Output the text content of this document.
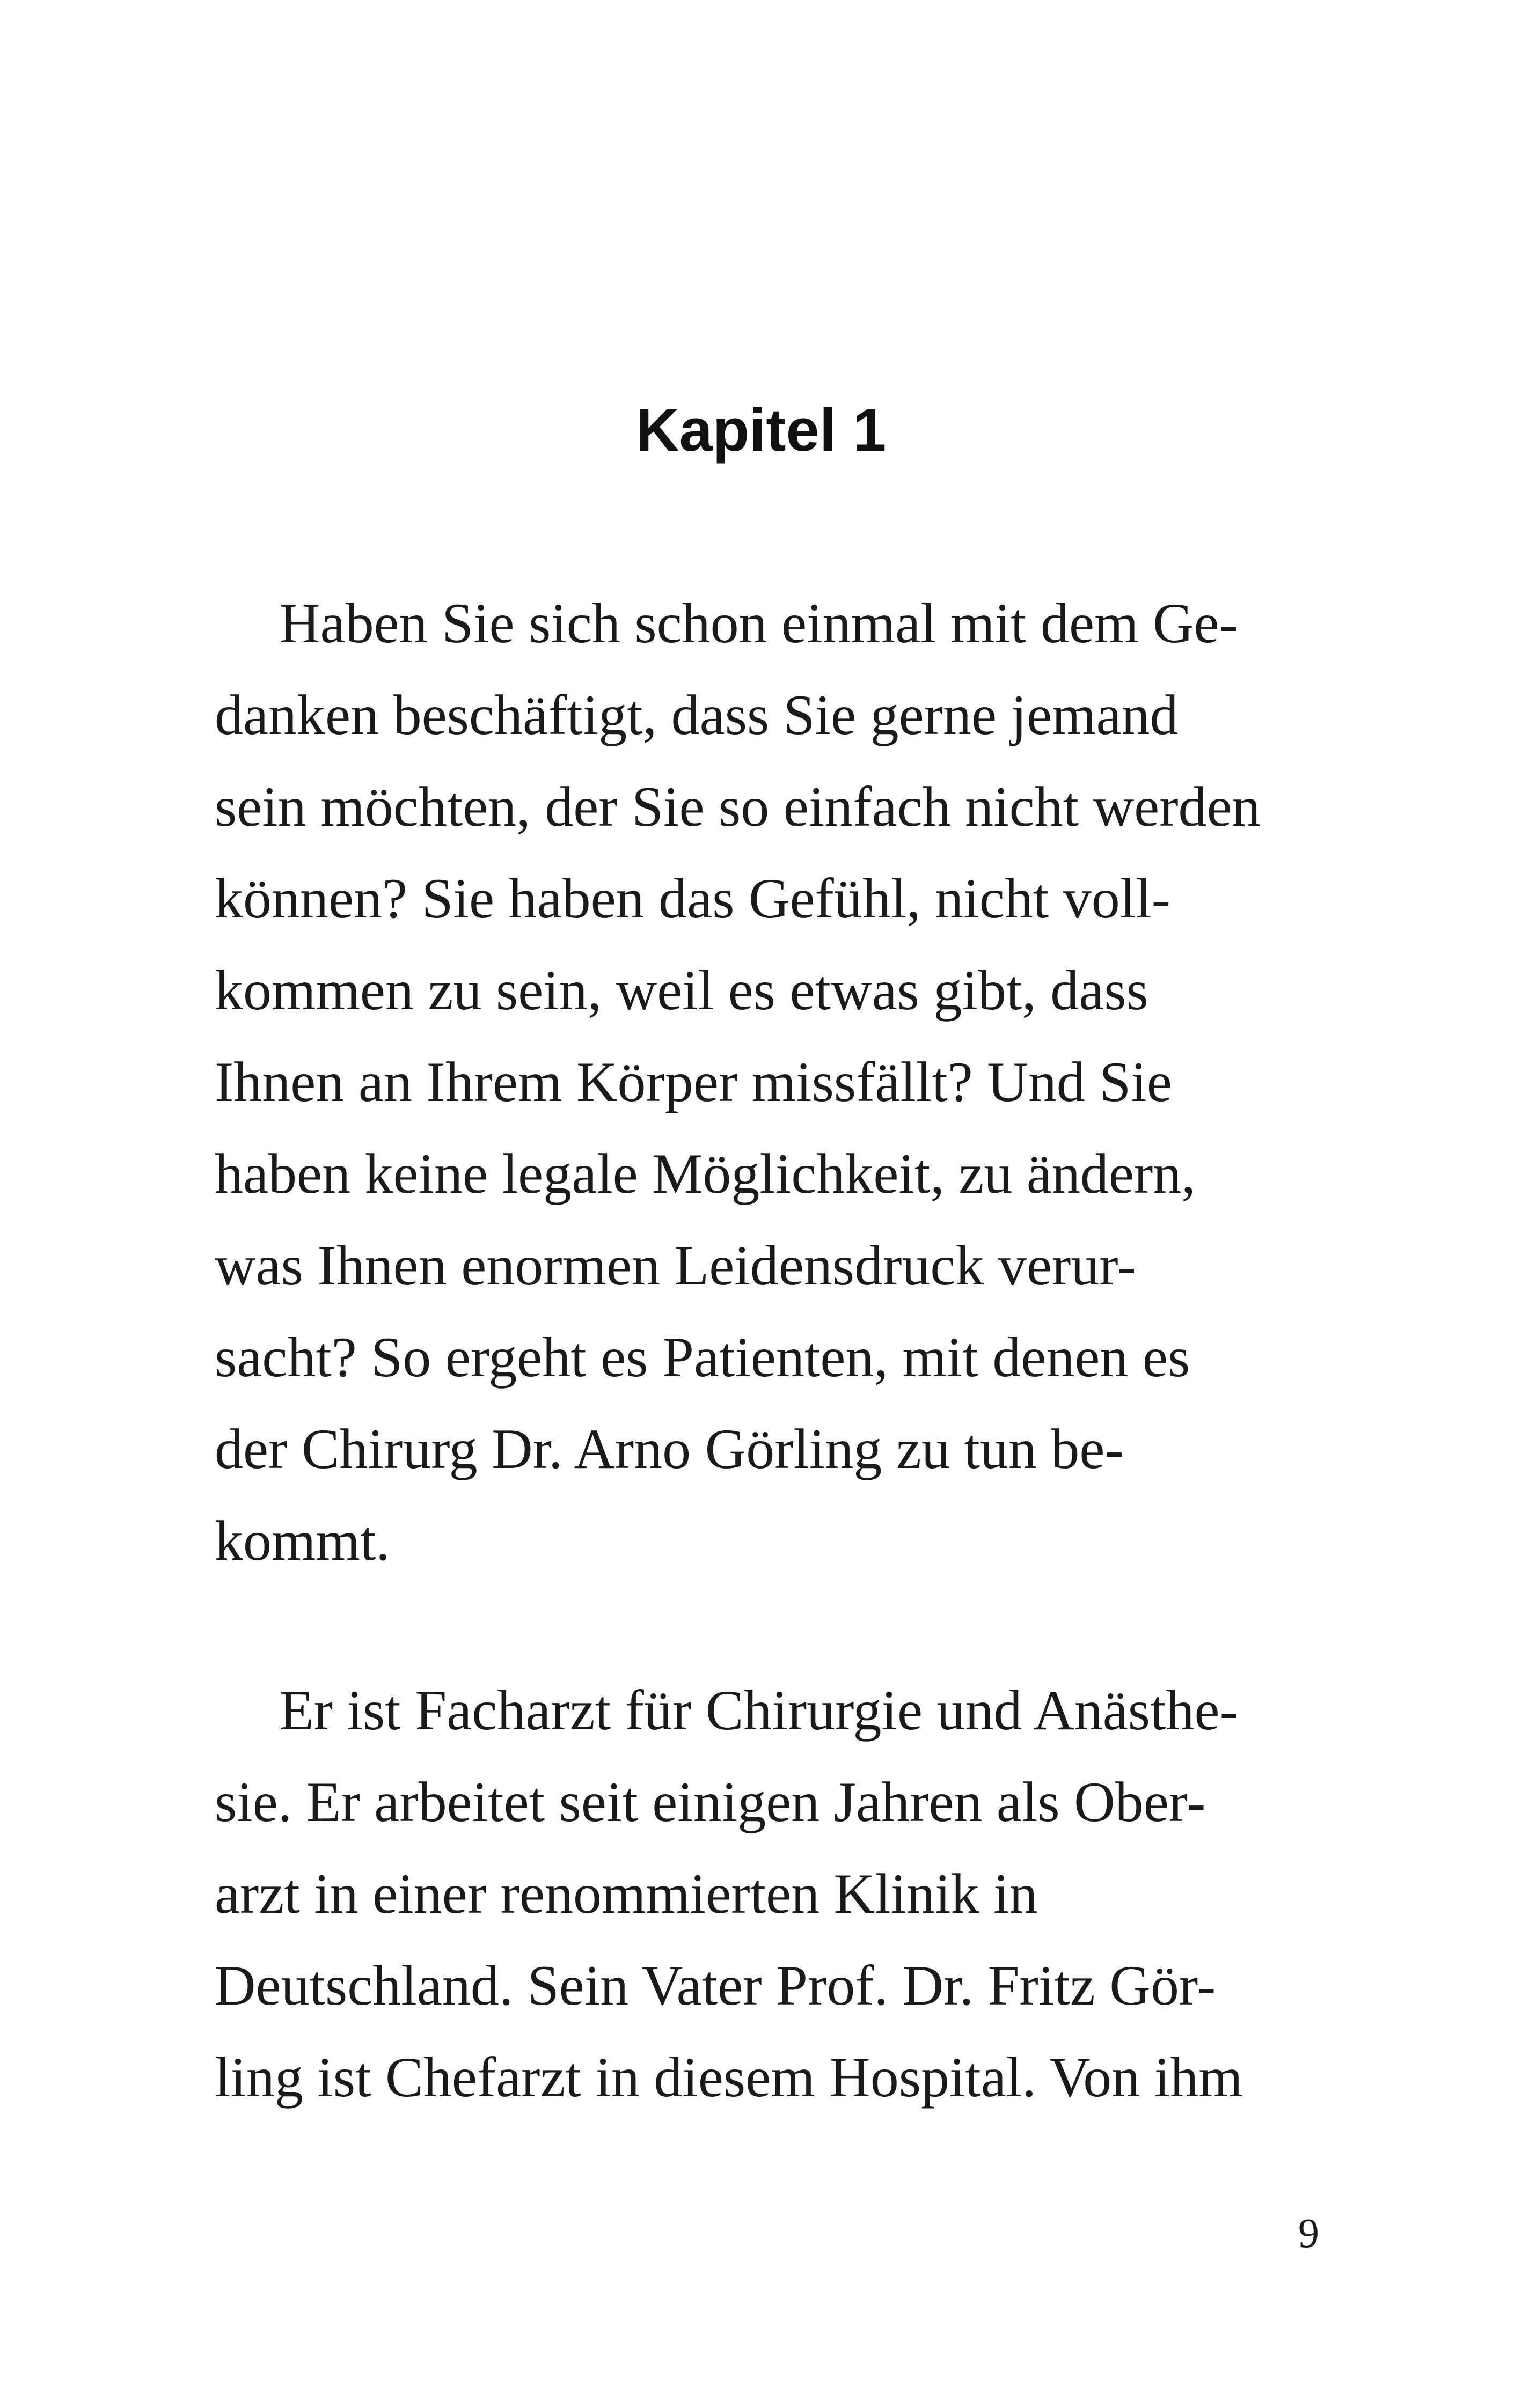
Kapitel 1
Haben Sie sich schon einmal mit dem Ge-
danken beschäftigt, dass Sie gerne jemand
sein möchten, der Sie so einfach nicht werden
können? Sie haben das Gefühl, nicht voll-
kommen zu sein, weil es etwas gibt, dass
Ihnen an Ihrem Körper missfällt? Und Sie
haben keine legale Möglichkeit, zu ändern,
was Ihnen enormen Leidensdruck verur-
sacht? So ergeht es Patienten, mit denen es
der Chirurg Dr. Arno Görling zu tun be-
kommt.
Er ist Facharzt für Chirurgie und Anästhe-
sie. Er arbeitet seit einigen Jahren als Ober-
arzt in einer renommierten Klinik in
Deutschland. Sein Vater Prof. Dr. Fritz Gör-
ling ist Chefarzt in diesem Hospital. Von ihm
9
